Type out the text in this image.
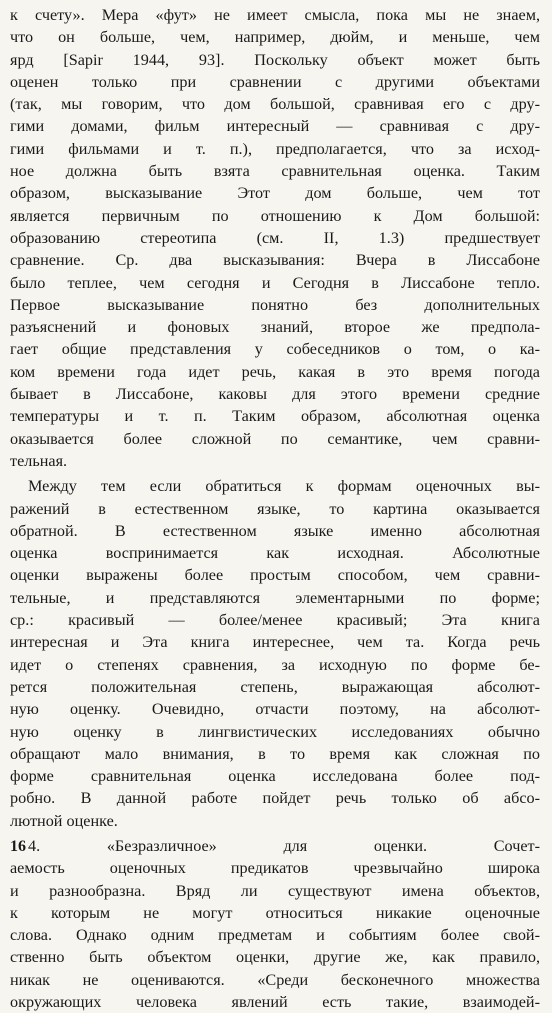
к счету». Мера «фут» не имеет смысла, пока мы не знаем,
что он больше, чем, например, дюйм, и меньше, чем
ярд [Sapir 1944, 93]. Поскольку объект может быть
оценен только при сравнении с другими объектами
(так, мы говорим, что дом большой, сравнивая его с дру-
гими домами, фильм интересный — сравнивая с дру-
гими фильмами и т. п.), предполагается, что за исход-
ное должна быть взята сравнительная оценка. Таким
образом, высказывание Этот дом больше, чем тот
является первичным по отношению к Дом большой:
образованию стереотипа (см. II, 1.3) предшествует
сравнение. Ср. два высказывания: Вчера в Лиссабоне
было теплее, чем сегодня и Сегодня в Лиссабоне тепло.
Первое высказывание понятно без дополнительных
разъяснений и фоновых знаний, второе же предпола-
гает общие представления у собеседников о том, о ка-
ком времени года идет речь, какая в это время погода
бывает в Лиссабоне, каковы для этого времени средние
температуры и т. п. Таким образом, абсолютная оценка
оказывается более сложной по семантике, чем сравни-
тельная.
Между тем если обратиться к формам оценочных вы-
ражений в естественном языке, то картина оказывается
обратной. В естественном языке именно абсолютная
оценка воспринимается как исходная. Абсолютные
оценки выражены более простым способом, чем сравни-
тельные, и представляются элементарными по форме;
ср.: красивый — более/менее красивый; Эта книга
интересная и Эта книга интереснее, чем та. Когда речь
идет о степенях сравнения, за исходную по форме бе-
рется положительная степень, выражающая абсолют-
ную оценку. Очевидно, отчасти поэтому, на абсолют-
ную оценку в лингвистических исследованиях обычно
обращают мало внимания, в то время как сложная по
форме сравнительная оценка исследована более под-
робно. В данной работе пойдет речь только об абсо-
лютной оценке.
4. «Безразличное» для оценки. Сочет-
аемость оценочных предикатов чрезвычайно широка
и разнообразна. Вряд ли существуют имена объектов,
к которым не могут относиться никакие оценочные
слова. Однако одним предметам и событиям более свой-
ственно быть объектом оценки, другие же, как правило,
никак не оцениваются. «Среди бесконечного множества
окружающих человека явлений есть такие, взаимодей-
16
